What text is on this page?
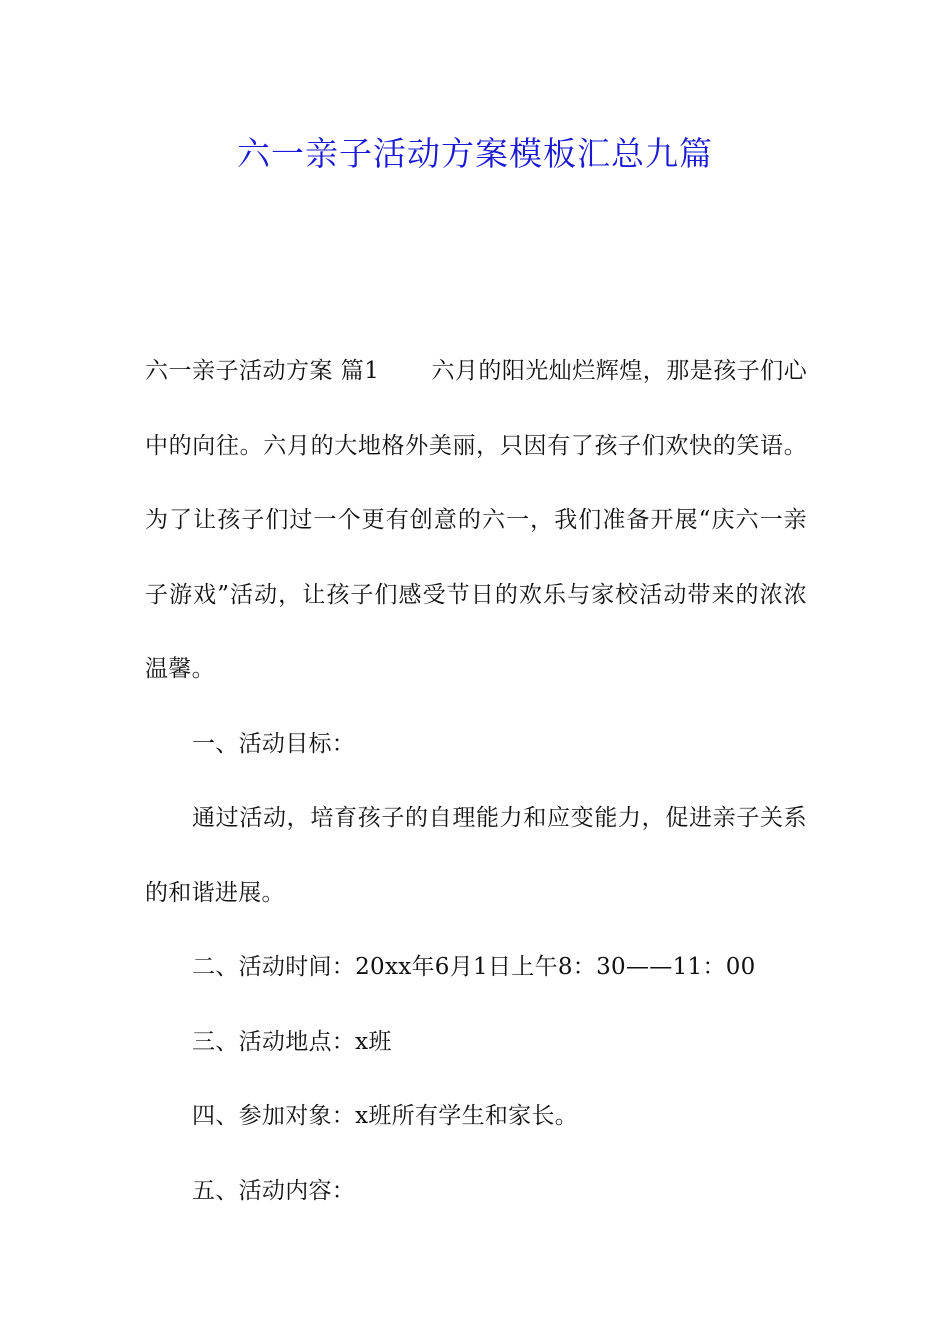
六一亲子活动方案模板汇总九篇

六一亲子活动方案 篇1 六月的阳光灿烂辉煌，那是孩子们心中的向往。六月的大地格外美丽，只因有了孩子们欢快的笑语。为了让孩子们过一个更有创意的六一，我们准备开展“庆六一亲子游戏”活动，让孩子们感受节日的欢乐与家校活动带来的浓浓温馨。

一、活动目标：

通过活动，培育孩子的自理能力和应变能力，促进亲子关系的和谐进展。

二、活动时间：20xx年6月1日上午8：30——11：00

三、活动地点：x班

四、参加对象：x班所有学生和家长。

五、活动内容：
